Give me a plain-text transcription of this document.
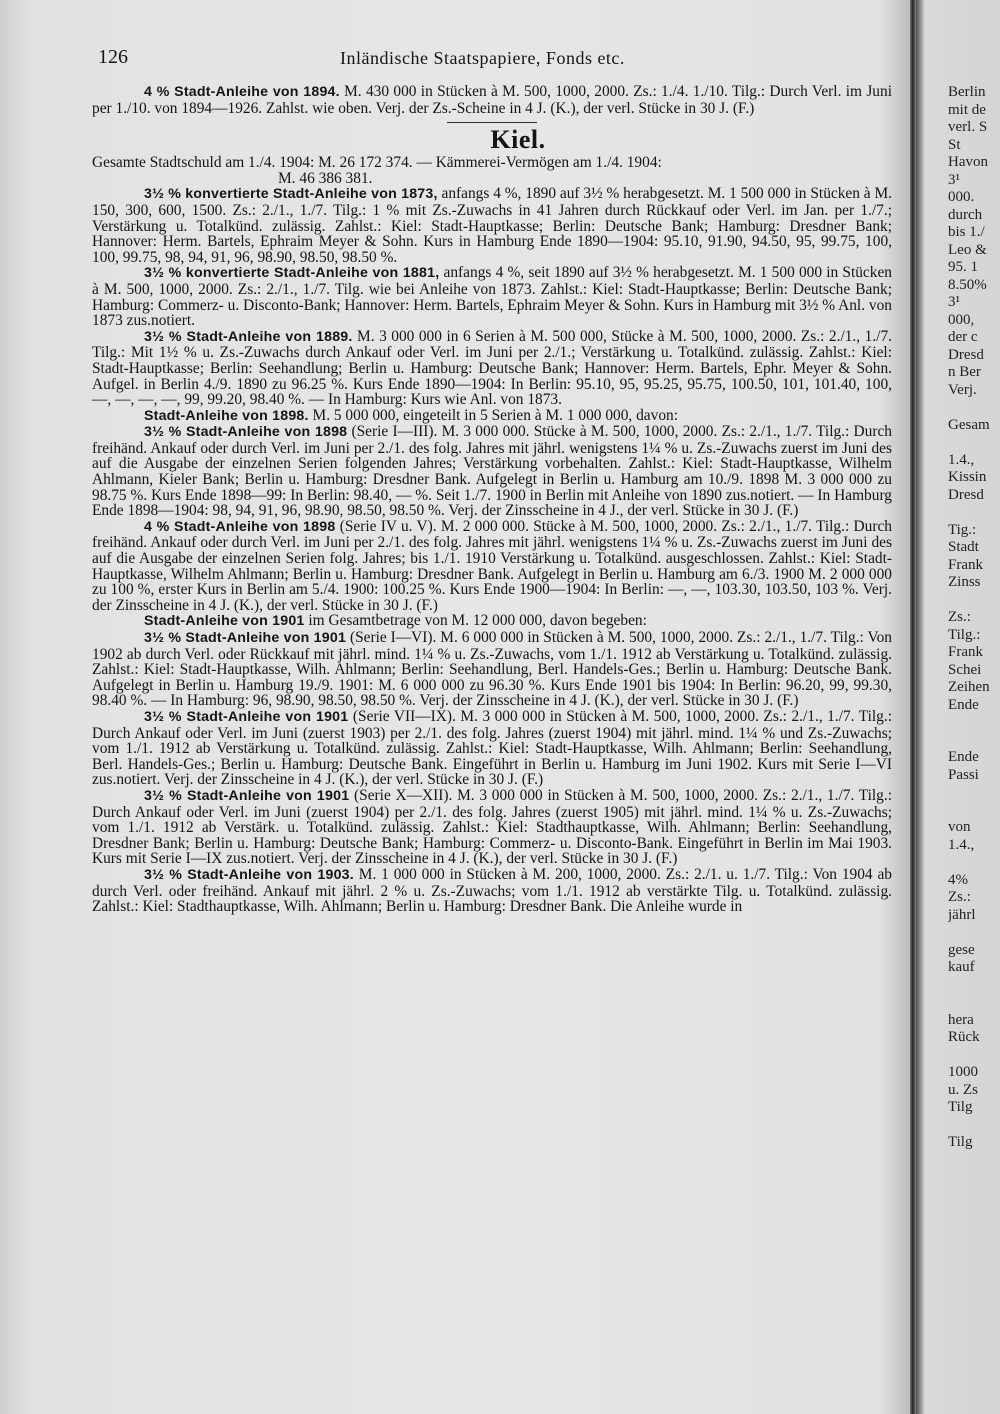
126	Inländische Staatspapiere, Fonds etc.

4 % Stadt-Anleihe von 1894. M. 430 000 in Stücken à M. 500, 1000, 2000. Zs.: 1./4. 1./10. Tilg.: Durch Verl. im Juni per 1./10. von 1894—1926. Zahlst. wie oben. Verj. der Zs.-Scheine in 4 J. (K.), der verl. Stücke in 30 J. (F.)

Kiel.

Gesamte Stadtschuld am 1./4. 1904: M. 26 172 374. — Kämmerei-Vermögen am 1./4. 1904:

M. 46 386 381.

3½ % konvertierte Stadt-Anleihe von 1873, anfangs 4 %, 1890 auf 3½ % herabgesetzt. M. 1 500 000 in Stücken à M. 150, 300, 600, 1500. Zs.: 2./1., 1./7. Tilg.: 1 % mit Zs.-Zuwachs in 41 Jahren durch Rückkauf oder Verl. im Jan. per 1./7.; Verstärkung u. Totalkünd. zulässig. Zahlst.: Kiel: Stadt-Hauptkasse; Berlin: Deutsche Bank; Hamburg: Dresdner Bank; Hannover: Herm. Bartels, Ephraim Meyer & Sohn. Kurs in Hamburg Ende 1890—1904: 95.10, 91.90, 94.50, 95, 99.75, 100, 100, 99.75, 98, 94, 91, 96, 98.90, 98.50, 98.50 %.

3½ % konvertierte Stadt-Anleihe von 1881, anfangs 4 %, seit 1890 auf 3½ % herabgesetzt. M. 1 500 000 in Stücken à M. 500, 1000, 2000. Zs.: 2./1., 1./7. Tilg. wie bei Anleihe von 1873. Zahlst.: Kiel: Stadt-Hauptkasse; Berlin: Deutsche Bank; Hamburg: Commerz- u. Disconto-Bank; Hannover: Herm. Bartels, Ephraim Meyer & Sohn. Kurs in Hamburg mit 3½ % Anl. von 1873 zus.notiert.

3½ % Stadt-Anleihe von 1889. M. 3 000 000 in 6 Serien à M. 500 000, Stücke à M. 500, 1000, 2000. Zs.: 2./1., 1./7. Tilg.: Mit 1½ % u. Zs.-Zuwachs durch Ankauf oder Verl. im Juni per 2./1.; Verstärkung u. Totalkünd. zulässig. Zahlst.: Kiel: Stadt-Hauptkasse; Berlin: Seehandlung; Berlin u. Hamburg: Deutsche Bank; Hannover: Herm. Bartels, Ephr. Meyer & Sohn. Aufgel. in Berlin 4./9. 1890 zu 96.25 %. Kurs Ende 1890—1904: In Berlin: 95.10, 95, 95.25, 95.75, 100.50, 101, 101.40, 100, —, —, —, —, 99, 99.20, 98.40 %. — In Hamburg: Kurs wie Anl. von 1873.

Stadt-Anleihe von 1898. M. 5 000 000, eingeteilt in 5 Serien à M. 1 000 000, davon:

3½ % Stadt-Anleihe von 1898 (Serie I—III). M. 3 000 000. Stücke à M. 500, 1000, 2000. Zs.: 2./1., 1./7. Tilg.: Durch freihänd. Ankauf oder durch Verl. im Juni per 2./1. des folg. Jahres mit jährl. wenigstens 1¼ % u. Zs.-Zuwachs zuerst im Juni des auf die Ausgabe der einzelnen Serien folgenden Jahres; Verstärkung vorbehalten. Zahlst.: Kiel: Stadt-Hauptkasse, Wilhelm Ahlmann, Kieler Bank; Berlin u. Hamburg: Dresdner Bank. Aufgelegt in Berlin u. Hamburg am 10./9. 1898 M. 3 000 000 zu 98.75 %. Kurs Ende 1898—99: In Berlin: 98.40, — %. Seit 1./7. 1900 in Berlin mit Anleihe von 1890 zus.notiert. — In Hamburg Ende 1898—1904: 98, 94, 91, 96, 98.90, 98.50, 98.50 %. Verj. der Zinsscheine in 4 J., der verl. Stücke in 30 J. (F.)

4 % Stadt-Anleihe von 1898 (Serie IV u. V). M. 2 000 000. Stücke à M. 500, 1000, 2000. Zs.: 2./1., 1./7. Tilg.: Durch freihänd. Ankauf oder durch Verl. im Juni per 2./1. des folg. Jahres mit jährl. wenigstens 1¼ % u. Zs.-Zuwachs zuerst im Juni des auf die Ausgabe der einzelnen Serien folg. Jahres; bis 1./1. 1910 Verstärkung u. Totalkünd. ausgeschlossen. Zahlst.: Kiel: Stadt-Hauptkasse, Wilhelm Ahlmann; Berlin u. Hamburg: Dresdner Bank. Aufgelegt in Berlin u. Hamburg am 6./3. 1900 M. 2 000 000 zu 100 %, erster Kurs in Berlin am 5./4. 1900: 100.25 %. Kurs Ende 1900—1904: In Berlin: —, —, 103.30, 103.50, 103 %. Verj. der Zinsscheine in 4 J. (K.), der verl. Stücke in 30 J. (F.)

Stadt-Anleihe von 1901 im Gesamtbetrage von M. 12 000 000, davon begeben:

3½ % Stadt-Anleihe von 1901 (Serie I—VI). M. 6 000 000 in Stücken à M. 500, 1000, 2000. Zs.: 2./1., 1./7. Tilg.: Von 1902 ab durch Verl. oder Rückkauf mit jährl. mind. 1¼ % u. Zs.-Zuwachs, vom 1./1. 1912 ab Verstärkung u. Totalkünd. zulässig. Zahlst.: Kiel: Stadt-Hauptkasse, Wilh. Ahlmann; Berlin: Seehandlung, Berl. Handels-Ges.; Berlin u. Hamburg: Deutsche Bank. Aufgelegt in Berlin u. Hamburg 19./9. 1901: M. 6 000 000 zu 96.30 %. Kurs Ende 1901 bis 1904: In Berlin: 96.20, 99, 99.30, 98.40 %. — In Hamburg: 96, 98.90, 98.50, 98.50 %. Verj. der Zinsscheine in 4 J. (K.), der verl. Stücke in 30 J. (F.)

3½ % Stadt-Anleihe von 1901 (Serie VII—IX). M. 3 000 000 in Stücken à M. 500, 1000, 2000. Zs.: 2./1., 1./7. Tilg.: Durch Ankauf oder Verl. im Juni (zuerst 1903) per 2./1. des folg. Jahres (zuerst 1904) mit jährl. mind. 1¼ % und Zs.-Zuwachs; vom 1./1. 1912 ab Verstärkung u. Totalkünd. zulässig. Zahlst.: Kiel: Stadt-Hauptkasse, Wilh. Ahlmann; Berlin: Seehandlung, Berl. Handels-Ges.; Berlin u. Hamburg: Deutsche Bank. Eingeführt in Berlin u. Hamburg im Juni 1902. Kurs mit Serie I—VI zus.notiert. Verj. der Zinsscheine in 4 J. (K.), der verl. Stücke in 30 J. (F.)

3½ % Stadt-Anleihe von 1901 (Serie X—XII). M. 3 000 000 in Stücken à M. 500, 1000, 2000. Zs.: 2./1., 1./7. Tilg.: Durch Ankauf oder Verl. im Juni (zuerst 1904) per 2./1. des folg. Jahres (zuerst 1905) mit jährl. mind. 1¼ % u. Zs.-Zuwachs; vom 1./1. 1912 ab Verstärk. u. Totalkünd. zulässig. Zahlst.: Kiel: Stadthauptkasse, Wilh. Ahlmann; Berlin: Seehandlung, Dresdner Bank; Berlin u. Hamburg: Deutsche Bank; Hamburg: Commerz- u. Disconto-Bank. Eingeführt in Berlin im Mai 1903. Kurs mit Serie I—IX zus.notiert. Verj. der Zinsscheine in 4 J. (K.), der verl. Stücke in 30 J. (F.)

3½ % Stadt-Anleihe von 1903. M. 1 000 000 in Stücken à M. 200, 1000, 2000. Zs.: 2./1. u. 1./7. Tilg.: Von 1904 ab durch Verl. oder freihänd. Ankauf mit jährl. 2 % u. Zs.-Zuwachs; vom 1./1. 1912 ab verstärkte Tilg. u. Totalkünd. zulässig. Zahlst.: Kiel: Stadthauptkasse, Wilh. Ahlmann; Berlin u. Hamburg: Dresdner Bank. Die Anleihe wurde in

Berlin
mit de
verl. S
St
Havon
3¹
000.
durch
bis 1./
Leo &
95. 1
8.50%
3¹
000,
der c
Dresd
n Ber
Verj.
Gesam
1.4.,
Kissin
Dresd
Tig.:
Stadt
Frank
Zinss
Zs.:
Tilg.:
Frank
Schei
Zeihen
Ende
Ende
Passi
von
1.4.,
4%
Zs.:
jährl
gese
kauf
hera
Rück
1000
u. Zs
Tilg
Tilg
